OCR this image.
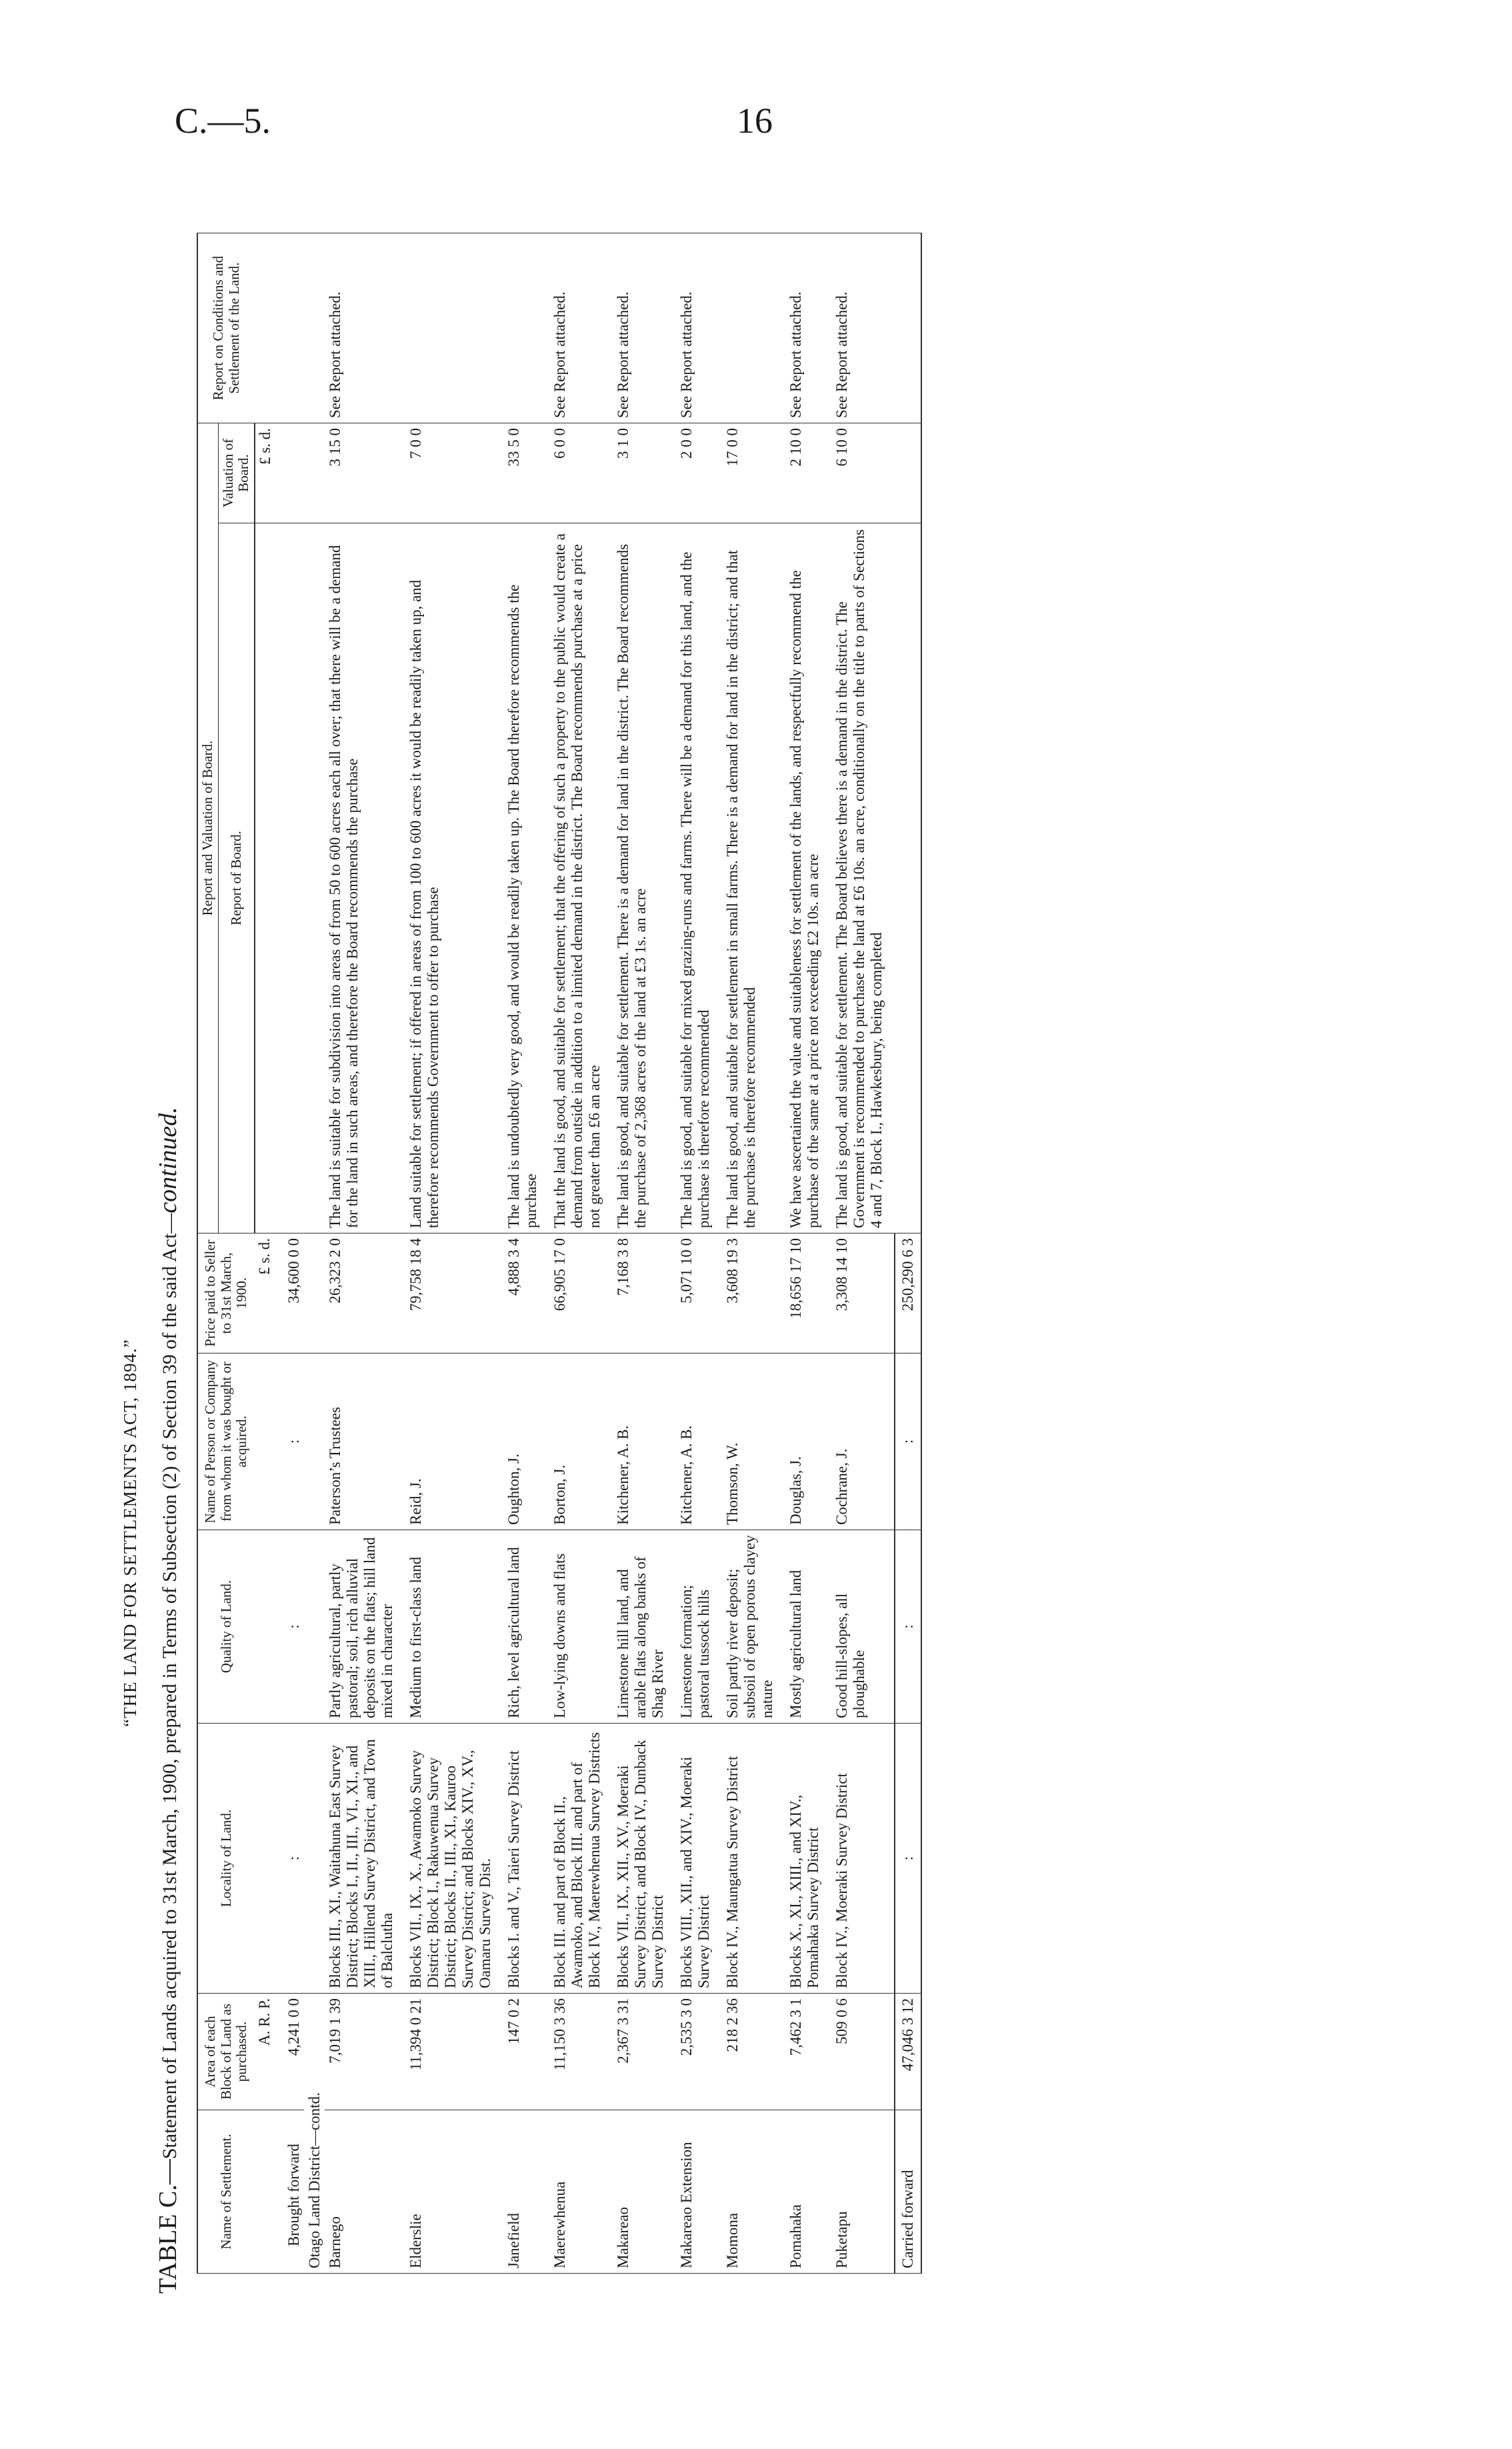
C.—5.	16
“THE LAND FOR SETTLEMENTS ACT, 1894.”
TABLE C.—Statement of Lands acquired to 31st March, 1900, prepared in Terms of Subsection (2) of Section 39 of the said Act—continued.
Name of Settlement.	Area of each Block of Land as purchased.	Locality of Land.	Quality of Land.	Name of Person or Company from whom it was bought or acquired.	Price paid to Seller to 31st March, 1900.	Report and Valuation of Board.		Report on Conditions and Settlement of the Land.
						Report of Board.	Valuation of Board.	
	A. R. P.				£ s. d.		£ s. d.	
Brought forward	4,241 0 0	:	:	:	34,600 0 0			
Otago Land District—contd.								
Barnego	7,019 1 39	Blocks III., XI., Waitahuna East Survey District; Blocks I., II., III., VI., XI., and XIII., Hillend Survey District, and Town of Balclutha	Partly agricultural, partly pastoral; soil, rich alluvial deposits on the flats; hill land mixed in character	Paterson’s Trustees	26,323 2 0	The land is suitable for subdivision into areas of from 50 to 600 acres each all over; that there will be a demand for the land in such areas, and therefore the Board recommends the purchase	3 15 0	See Report attached.
Elderslie	11,394 0 21	Blocks VII., IX., X., Awamoko Survey District; Block I., Rakuwenua Survey District; Blocks II., III., XI., Kauroo Survey District; and Blocks XIV., XV., Oamaru Survey Dist.	Medium to first-class land	Reid, J.	79,758 18 4	Land suitable for settlement; if offered in areas of from 100 to 600 acres it would be readily taken up, and therefore recommends Government to offer to purchase	7 0 0	
Janefield	147 0 2	Blocks I. and V., Taieri Survey District	Rich, level agricultural land	Oughton, J.	4,888 3 4	The land is undoubtedly very good, and would be readily taken up. The Board therefore recommends the purchase	33 5 0	
Maerewhenua	11,150 3 36	Block III. and part of Block II., Awamoko, and Block III. and part of Block IV., Maerewhenua Survey Districts	Low-lying downs and flats	Borton, J.	66,905 17 0	That the land is good, and suitable for settlement; that the offering of such a property to the public would create a demand from outside in addition to a limited demand in the district. The Board recommends purchase at a price not greater than £6 an acre	6 0 0	See Report attached.
Makareao	2,367 3 31	Blocks VII., IX., XII., XV., Moeraki Survey District, and Block IV., Dunback Survey District	Limestone hill land, and arable flats along banks of Shag River	Kitchener, A. B.	7,168 3 8	The land is good, and suitable for settlement. There is a demand for land in the district. The Board recommends the purchase of 2,368 acres of the land at £3 1s. an acre	3 1 0	See Report attached.
Makareao Extension	2,535 3 0	Blocks VIII., XII., and XIV., Moeraki Survey District	Limestone formation; pastoral tussock hills	Kitchener, A. B.	5,071 10 0	The land is good, and suitable for mixed grazing-runs and farms. There will be a demand for this land, and the purchase is therefore recommended	2 0 0	See Report attached.
Momona	218 2 36	Block IV., Maungatua Survey District	Soil partly river deposit; subsoil of open porous clayey nature	Thomson, W.	3,608 19 3	The land is good, and suitable for settlement in small farms. There is a demand for land in the district; and that the purchase is therefore recommended	17 0 0	
Pomahaka	7,462 3 1	Blocks X., XI., XIII., and XIV., Pomahaka Survey District	Mostly agricultural land	Douglas, J.	18,656 17 10	We have ascertained the value and suitableness for settlement of the lands, and respectfully recommend the purchase of the same at a price not exceeding £2 10s. an acre	2 10 0	See Report attached.
Puketapu	509 0 6	Block IV., Moeraki Survey District	Good hill-slopes, all ploughable	Cochrane, J.	3,308 14 10	The land is good, and suitable for settlement. The Board believes there is a demand in the district. The Government is recommended to purchase the land at £6 10s. an acre, conditionally on the title to parts of Sections 4 and 7, Block I., Hawkesbury, being completed	6 10 0	See Report attached.
Carried forward	47,046 3 12	:	:	:	250,290 6 3			
